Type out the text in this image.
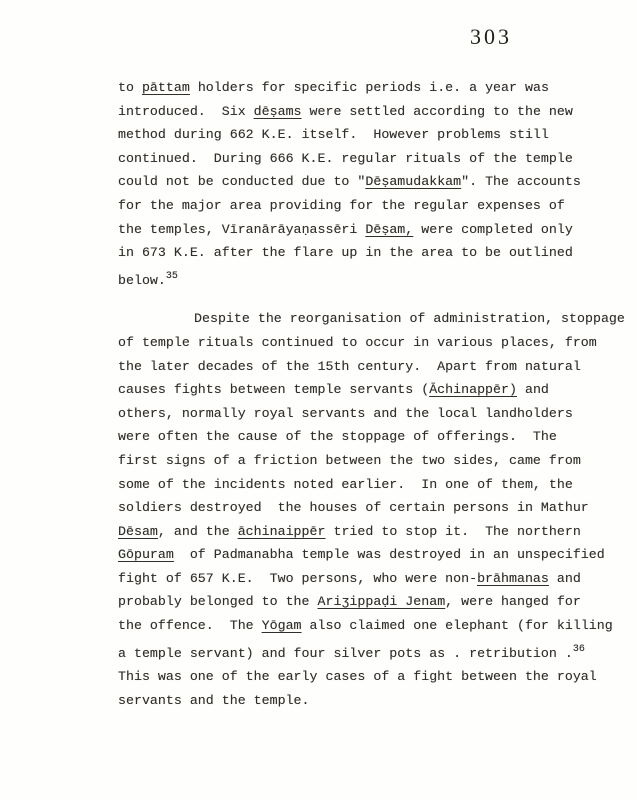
303
to pāttam holders for specific periods i.e. a year was
introduced.  Six dēṣams were settled according to the new
method during 662 K.E. itself.  However problems still
continued.  During 666 K.E. regular rituals of the temple
could not be conducted due to "Dēṣamudakkam". The accounts
for the major area providing for the regular expenses of
the temples, Vīranārāyaṇassēri Dēṣam, were completed only
in 673 K.E. after the flare up in the area to be outlined
below.$^{35}$
Despite the reorganisation of administration, stoppage
of temple rituals continued to occur in various places, from
the later decades of the 15th century.  Apart from natural
causes fights between temple servants (Āchinappēr) and
others, normally royal servants and the local landholders
were often the cause of the stoppage of offerings.  The
first signs of a friction between the two sides, came from
some of the incidents noted earlier.  In one of them, the
soldiers destroyed  the houses of certain persons in Mathur
Dēsam, and the āchinaippēr tried to stop it.  The northern
Gōpuram  of Padmanabha temple was destroyed in an unspecified
fight of 657 K.E.  Two persons, who were non-brāhmanas and
probably belonged to the Ariʒippaḍi Jenam, were hanged for
the offence.  The Yōgam also claimed one elephant (for killing
a temple servant) and four silver pots as . retribution .$^{36}$
This was one of the early cases of a fight between the royal
servants and the temple.
